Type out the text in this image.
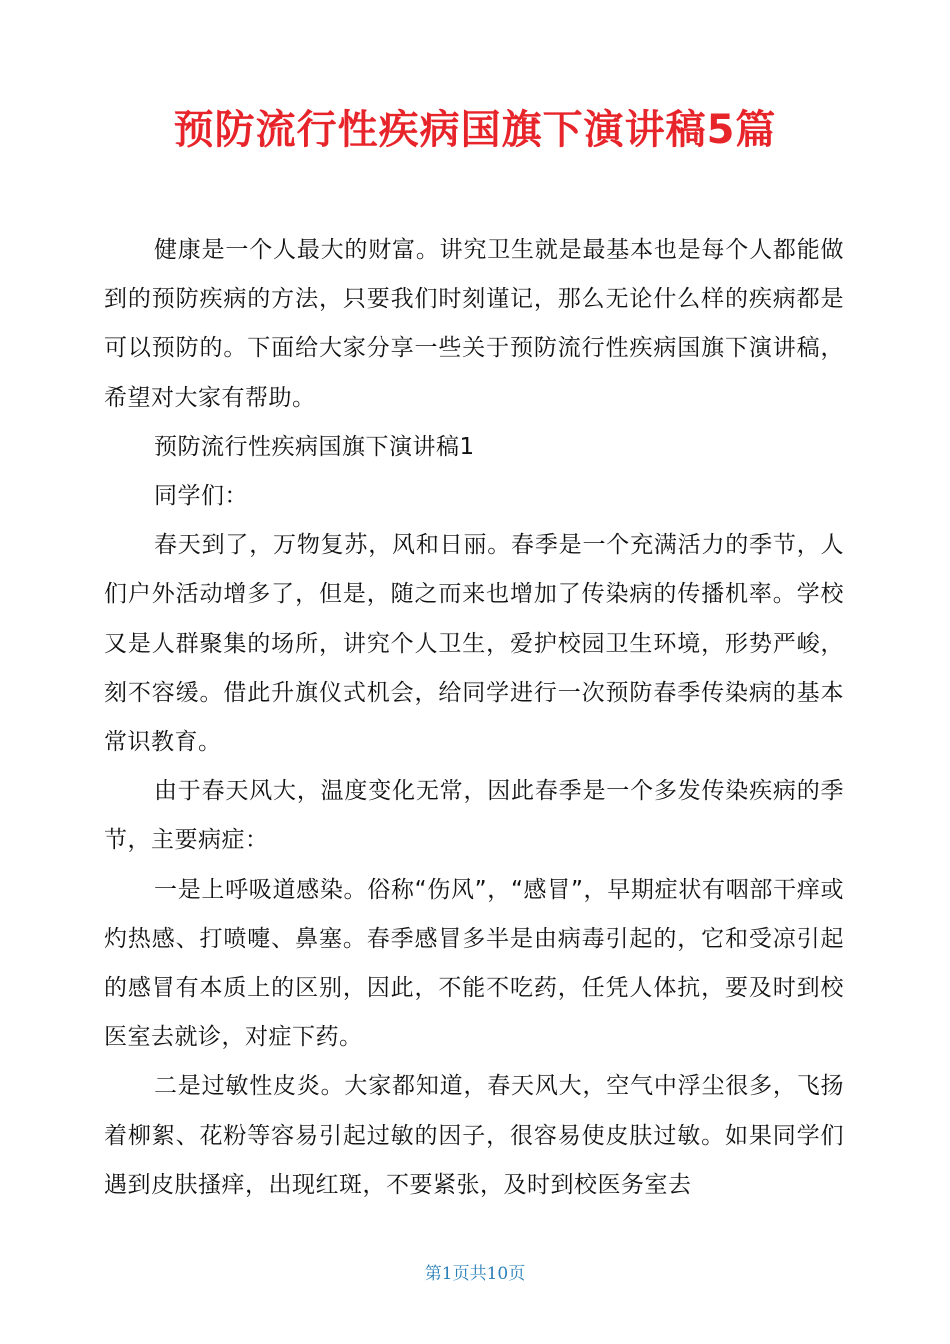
预防流行性疾病国旗下演讲稿5篇

健康是一个人最大的财富。讲究卫生就是最基本也是每个人都能做到的预防疾病的方法，只要我们时刻谨记，那么无论什么样的疾病都是可以预防的。下面给大家分享一些关于预防流行性疾病国旗下演讲稿，希望对大家有帮助。

预防流行性疾病国旗下演讲稿1

同学们：

春天到了，万物复苏，风和日丽。春季是一个充满活力的季节，人们户外活动增多了，但是，随之而来也增加了传染病的传播机率。学校又是人群聚集的场所，讲究个人卫生，爱护校园卫生环境，形势严峻，刻不容缓。借此升旗仪式机会，给同学进行一次预防春季传染病的基本常识教育。

由于春天风大，温度变化无常，因此春季是一个多发传染疾病的季节，主要病症：

一是上呼吸道感染。俗称“伤风”，“感冒”，早期症状有咽部干痒或灼热感、打喷嚏、鼻塞。春季感冒多半是由病毒引起的，它和受凉引起的感冒有本质上的区别，因此，不能不吃药，任凭人体抗，要及时到校医室去就诊，对症下药。

二是过敏性皮炎。大家都知道，春天风大，空气中浮尘很多，飞扬着柳絮、花粉等容易引起过敏的因子，很容易使皮肤过敏。如果同学们遇到皮肤搔痒，出现红斑，不要紧张，及时到校医务室去

第1页共10页
